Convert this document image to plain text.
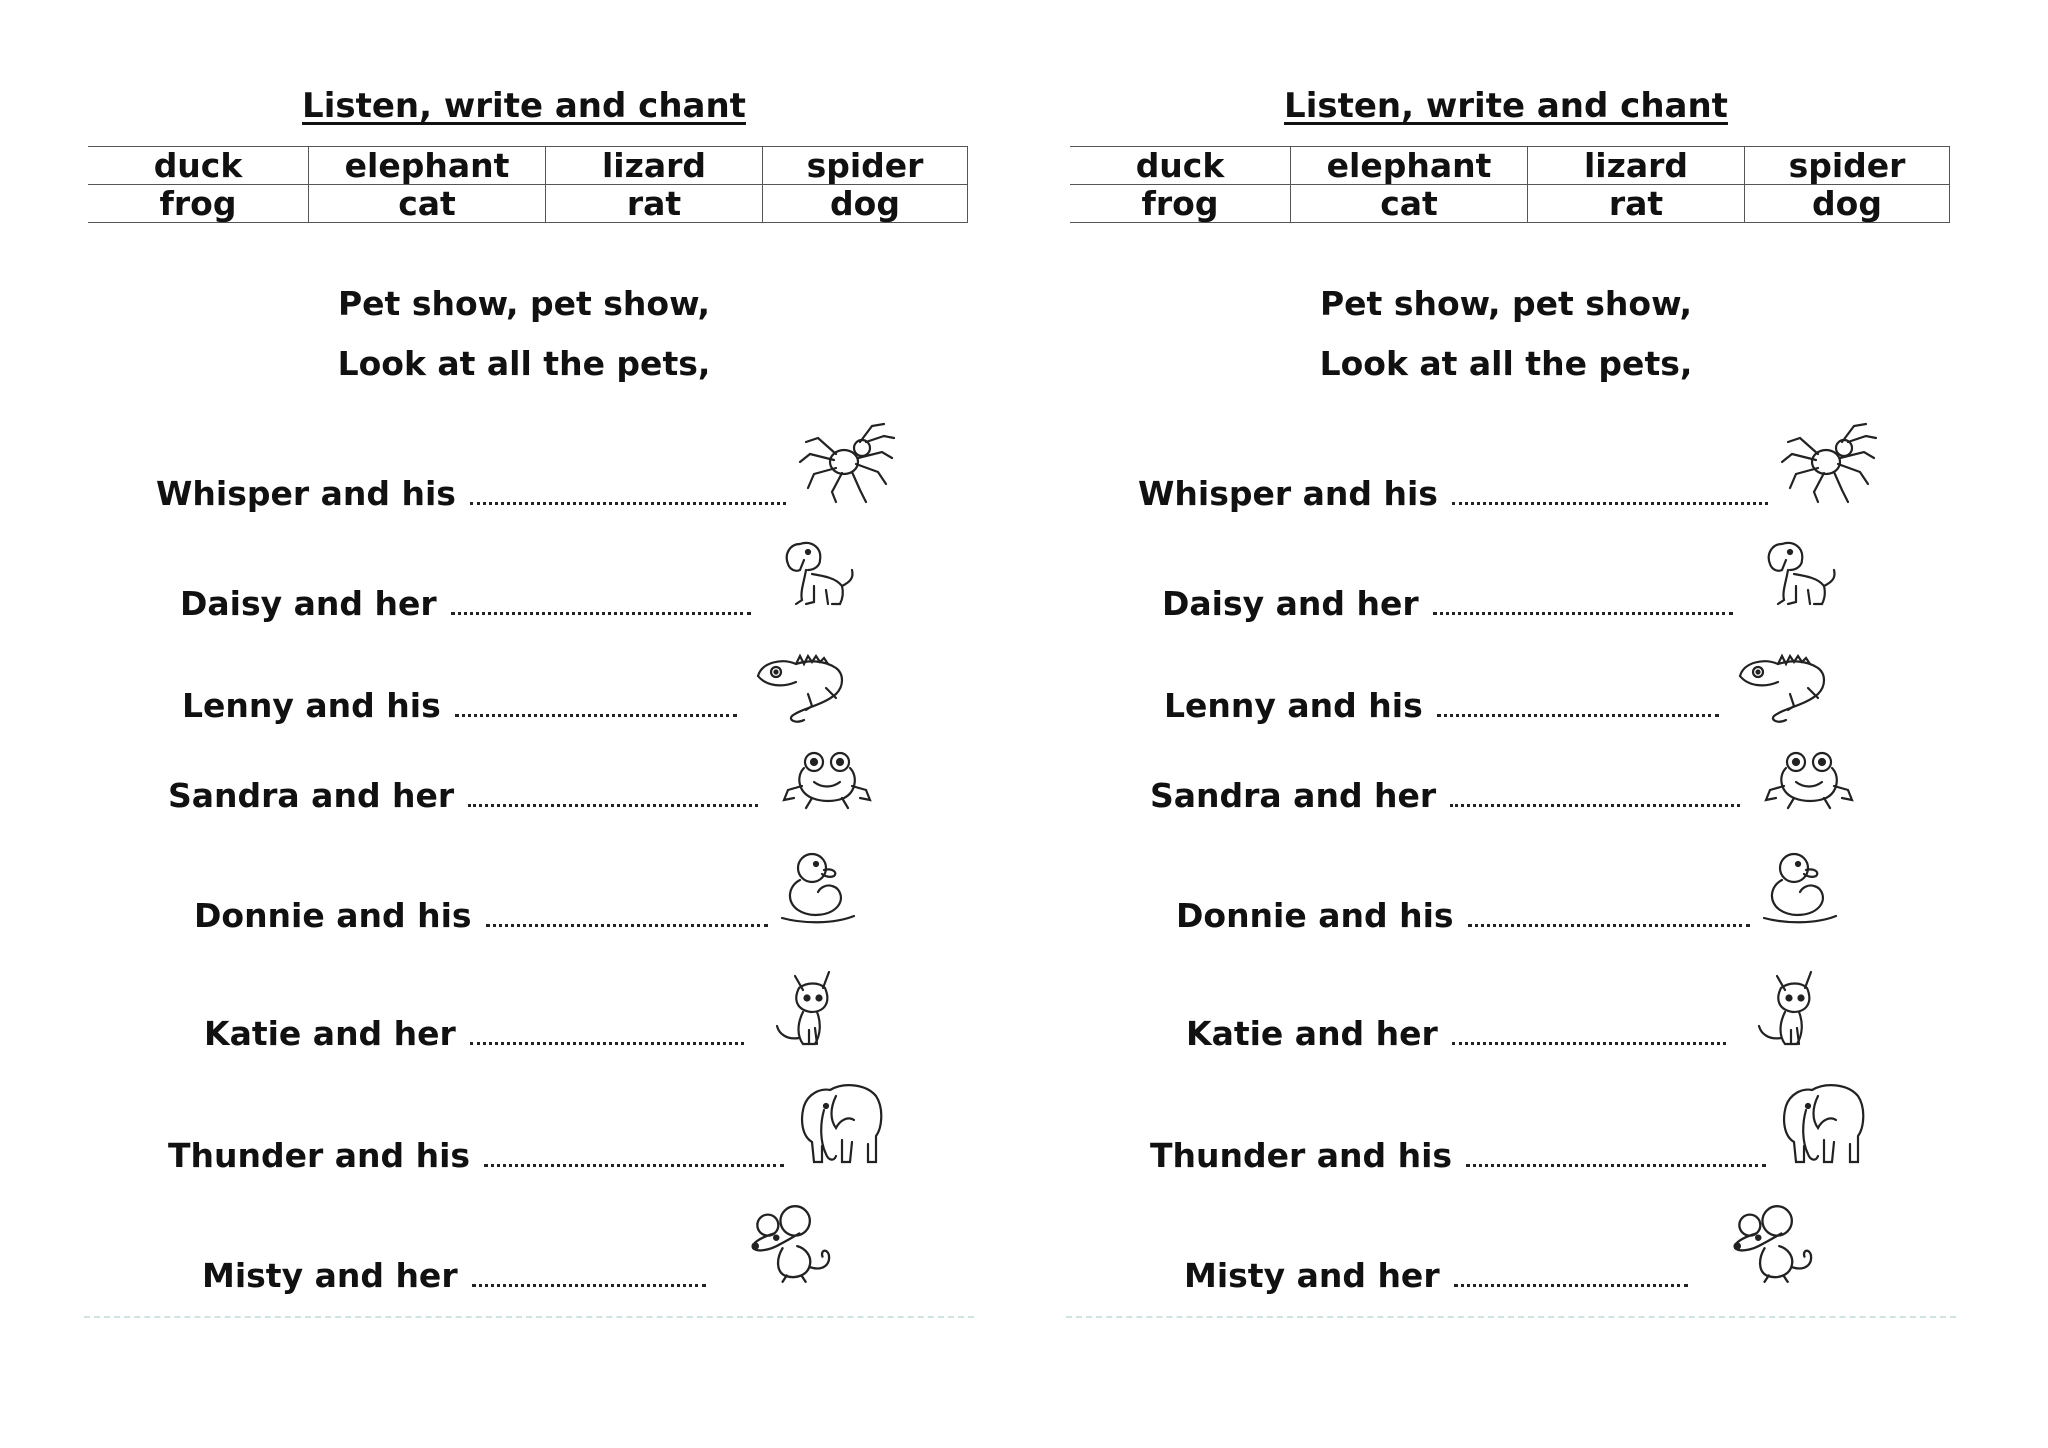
Listen, write and chant
duck	elephant	lizard	spider
frog	cat	rat	dog
Pet show, pet show,
Look at all the pets,
Whisper and his
Daisy and her
Lenny and his
Sandra and her
Donnie and his
Katie and her
Thunder and his
Misty and her
Listen, write and chant
duck	elephant	lizard	spider
frog	cat	rat	dog
Pet show, pet show,
Look at all the pets,
Whisper and his
Daisy and her
Lenny and his
Sandra and her
Donnie and his
Katie and her
Thunder and his
Misty and her
